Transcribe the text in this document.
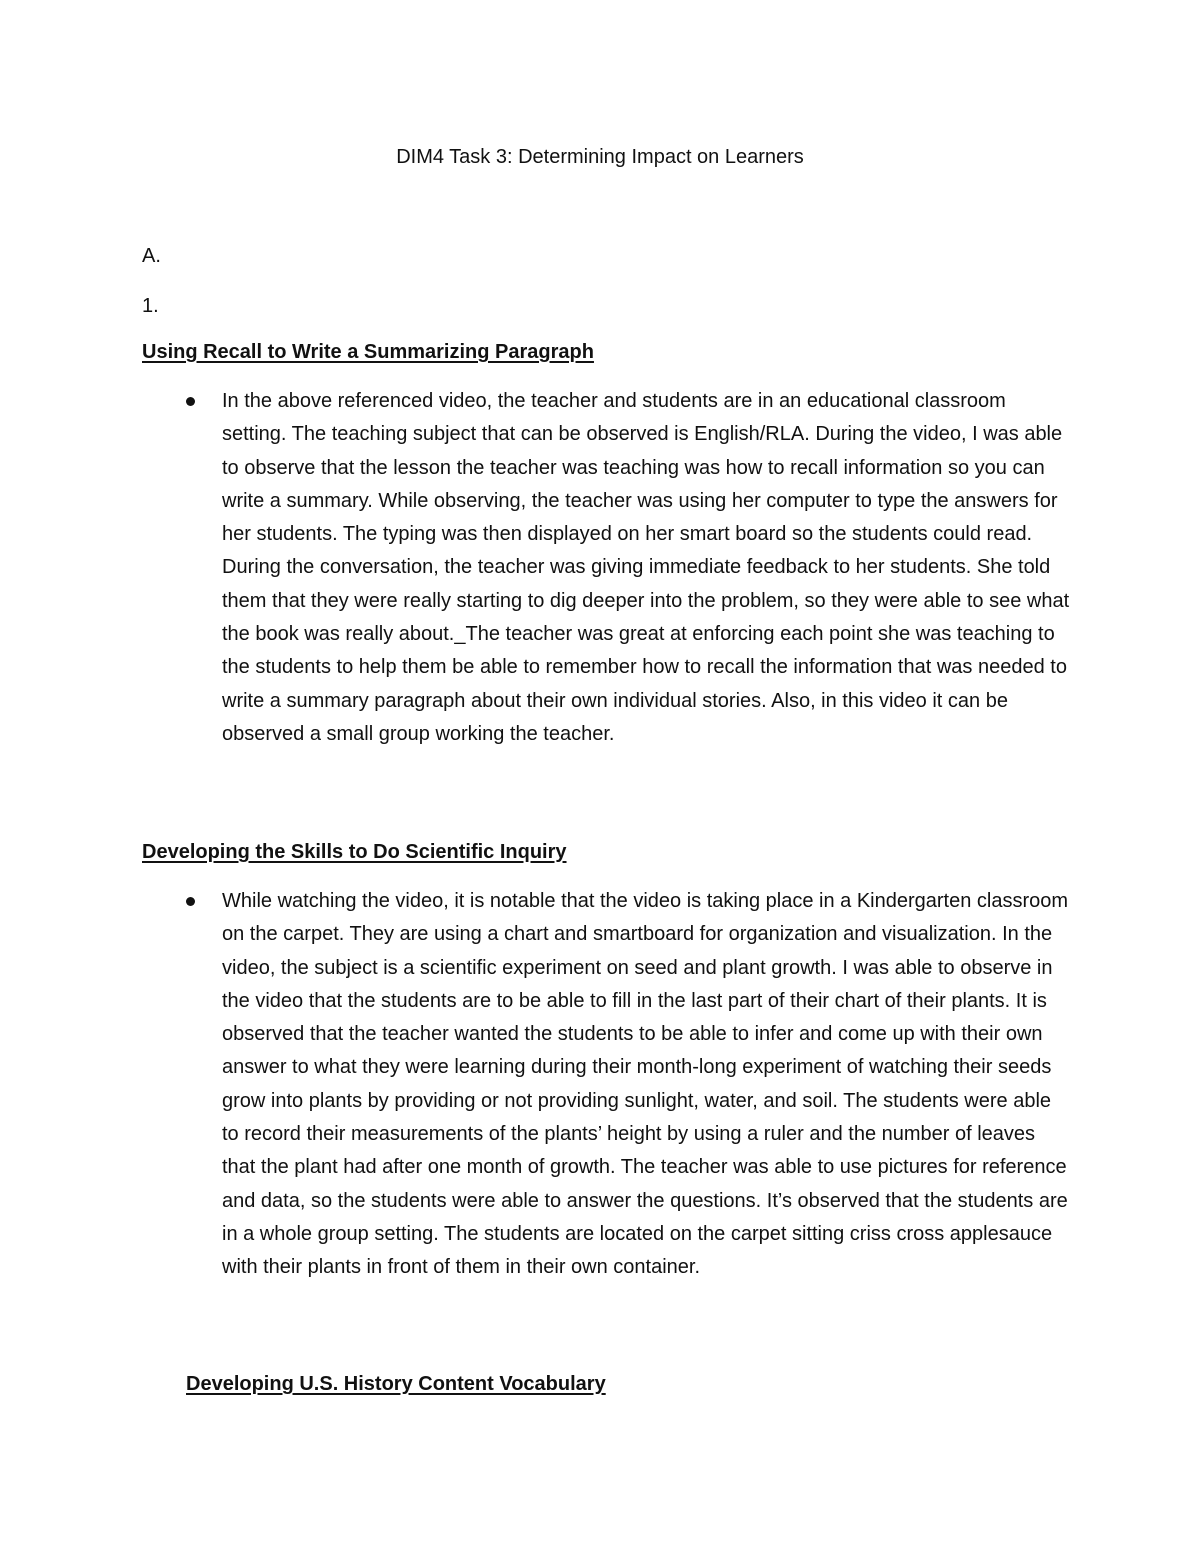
DIM4 Task 3: Determining Impact on Learners
A.
1.
Using Recall to Write a Summarizing Paragraph
In the above referenced video, the teacher and students are in an educational classroom setting. The teaching subject that can be observed is English/RLA. During the video, I was able to observe that the lesson the teacher was teaching was how to recall information so you can write a summary. While observing, the teacher was using her computer to type the answers for her students. The typing was then displayed on her smart board so the students could read. During the conversation, the teacher was giving immediate feedback to her students. She told them that they were really starting to dig deeper into the problem, so they were able to see what the book was really about._The teacher was great at enforcing each point she was teaching to the students to help them be able to remember how to recall the information that was needed to write a summary paragraph about their own individual stories. Also, in this video it can be observed a small group working the teacher.
Developing the Skills to Do Scientific Inquiry
While watching the video, it is notable that the video is taking place in a Kindergarten classroom on the carpet. They are using a chart and smartboard for organization and visualization. In the video, the subject is a scientific experiment on seed and plant growth. I was able to observe in the video that the students are to be able to fill in the last part of their chart of their plants. It is observed that the teacher wanted the students to be able to infer and come up with their own answer to what they were learning during their month-long experiment of watching their seeds grow into plants by providing or not providing sunlight, water, and soil. The students were able to record their measurements of the plants’ height by using a ruler and the number of leaves that the plant had after one month of growth. The teacher was able to use pictures for reference and data, so the students were able to answer the questions. It’s observed that the students are in a whole group setting. The students are located on the carpet sitting criss cross applesauce with their plants in front of them in their own container.
Developing U.S. History Content Vocabulary
